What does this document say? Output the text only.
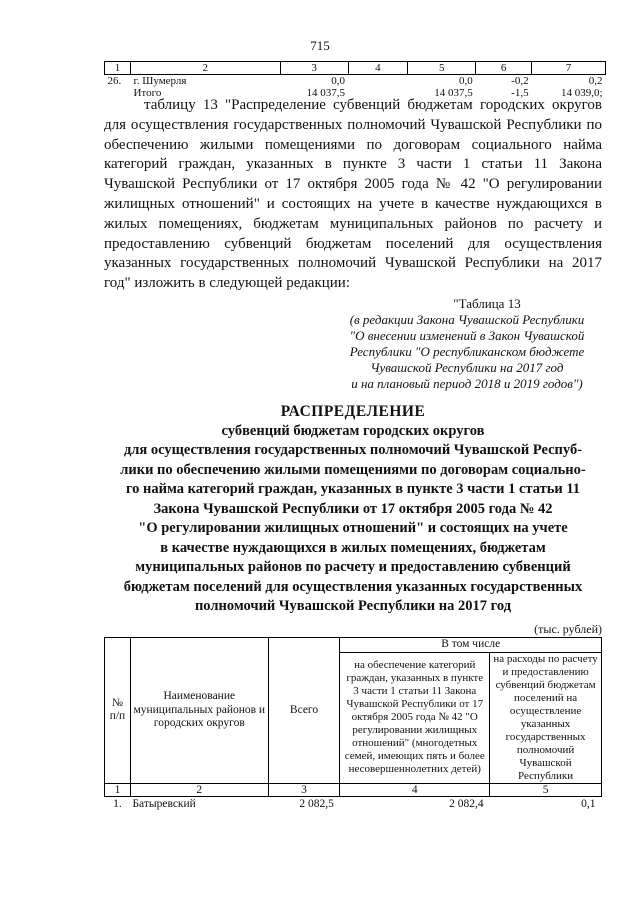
715
1	2	3	4	5	6	7
26.	г. Шумерля	0,0		0,0	-0,2	0,2
	Итого	14 037,5		14 037,5	-1,5	14 039,0;

таблицу 13 "Распределение субвенций бюджетам городских округов для осуществления государственных полномочий Чувашской Республики по обеспечению жилыми помещениями по договорам социального найма категорий граждан, указанных в пункте 3 части 1 статьи 11 Закона Чувашской Республики от 17 октября 2005 года № 42 "О регулировании жилищных отношений" и состоящих на учете в качестве нуждающихся в жилых помещениях, бюджетам муниципальных районов по расчету и предоставлению субвенций бюджетам поселений для осуществления указанных государственных полномочий Чувашской Республики на 2017 год" изложить в следующей редакции:

"Таблица 13
(в редакции Закона Чувашской Республики
"О внесении изменений в Закон Чувашской
Республики "О республиканском бюджете
Чувашской Республики на 2017 год
и на плановый период 2018 и 2019 годов")
РАСПРЕДЕЛЕНИЕ
субвенций бюджетам городских округов
для осуществления государственных полномочий Чувашской Респуб-
лики по обеспечению жилыми помещениями по договорам социально-
го найма категорий граждан, указанных в пункте 3 части 1 статьи 11
Закона Чувашской Республики от 17 октября 2005 года № 42
"О регулировании жилищных отношений" и состоящих на учете
в качестве нуждающихся в жилых помещениях, бюджетам
муниципальных районов по расчету и предоставлению субвенций
бюджетам поселений для осуществления указанных государственных
полномочий Чувашской Республики на 2017 год
(тыс. рублей)
№ п/п	Наименование муниципальных районов и городских округов	Всего	В том числе	
			на обеспечение категорий граждан, указанных в пункте 3 части 1 статьи 11 Закона Чувашской Республики от 17 октября 2005 года № 42 "О регулировании жилищных отношений" (многодетных семей, имеющих пять и более несовершеннолетних детей)	на расходы по расчету и предоставлению субвенций бюджетам поселений на осуществление указанных государственных полномочий Чувашской Республики
1	2	3	4	5
1.	Батыревский	2 082,5	2 082,4	0,1
